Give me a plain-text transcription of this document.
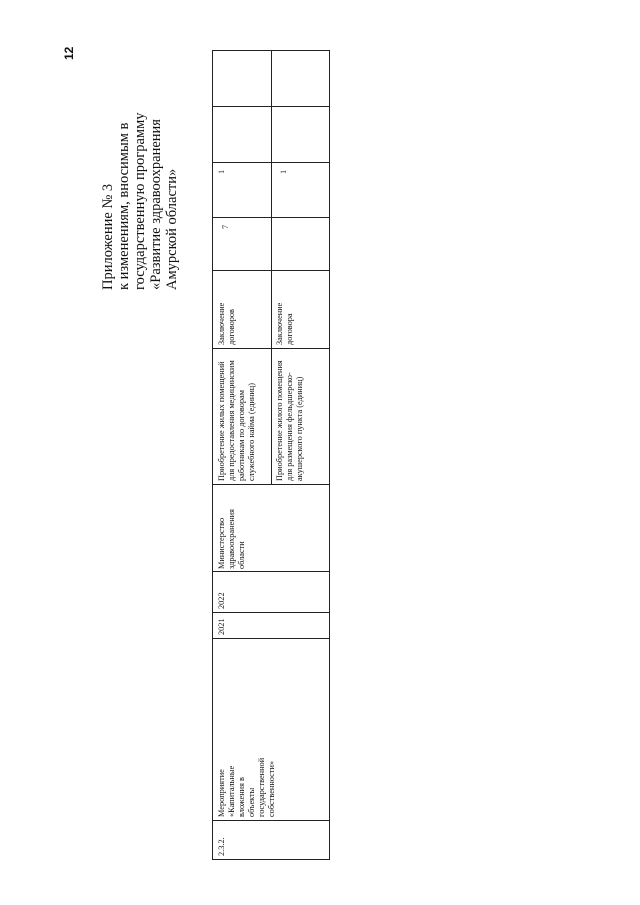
12
Приложение № 3 к изменениям, вносимым в государственную программу «Развитие здравоохранения Амурской области»
2.3.2.
Мероприятие «Капитальные вложения в объекты государственной собственности»
2021
2022
Министерство здравоохранения области
Приобретение жилых помещений для предоставления медицинским работникам по договорам служебного найма (единиц)
Заключение договоров
7
1
Приобретение жилого помещения для размещения фельдшерско-акушерского пункта (единиц)
Заключение договора
1
